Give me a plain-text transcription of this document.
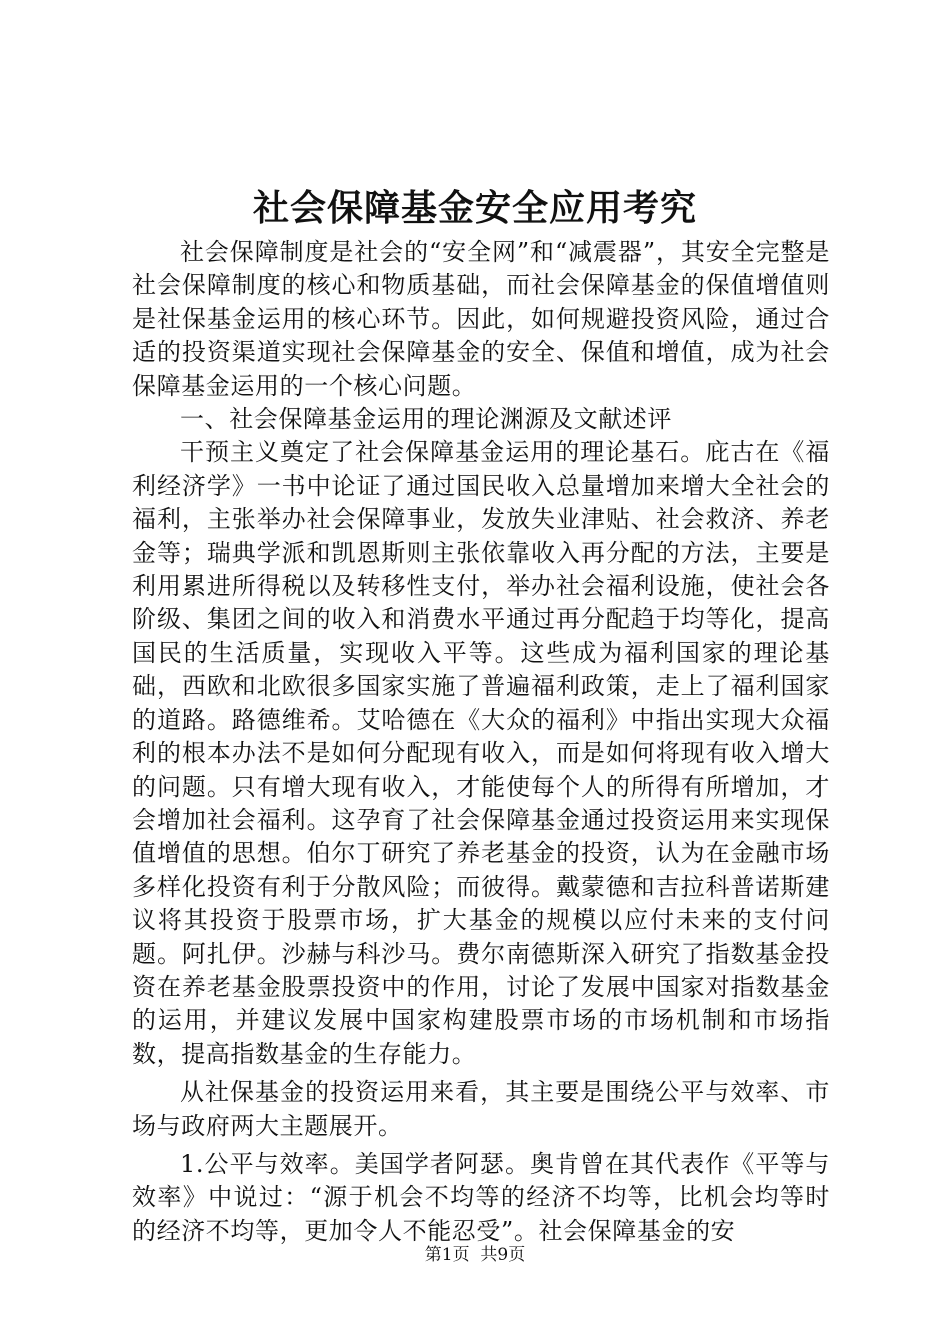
社会保障基金安全应用考究

社会保障制度是社会的“安全网”和“减震器”，其安全完整是社会保障制度的核心和物质基础，而社会保障基金的保值增值则是社保基金运用的核心环节。因此，如何规避投资风险，通过合适的投资渠道实现社会保障基金的安全、保值和增值，成为社会保障基金运用的一个核心问题。

一、社会保障基金运用的理论渊源及文献述评

干预主义奠定了社会保障基金运用的理论基石。庇古在《福利经济学》一书中论证了通过国民收入总量增加来增大全社会的福利，主张举办社会保障事业，发放失业津贴、社会救济、养老金等；瑞典学派和凯恩斯则主张依靠收入再分配的方法，主要是利用累进所得税以及转移性支付，举办社会福利设施，使社会各阶级、集团之间的收入和消费水平通过再分配趋于均等化，提高国民的生活质量，实现收入平等。这些成为福利国家的理论基础，西欧和北欧很多国家实施了普遍福利政策，走上了福利国家的道路。路德维希。艾哈德在《大众的福利》中指出实现大众福利的根本办法不是如何分配现有收入，而是如何将现有收入增大的问题。只有增大现有收入，才能使每个人的所得有所增加，才会增加社会福利。这孕育了社会保障基金通过投资运用来实现保值增值的思想。伯尔丁研究了养老基金的投资，认为在金融市场多样化投资有利于分散风险；而彼得。戴蒙德和吉拉科普诺斯建议将其投资于股票市场，扩大基金的规模以应付未来的支付问题。阿扎伊。沙赫与科沙马。费尔南德斯深入研究了指数基金投资在养老基金股票投资中的作用，讨论了发展中国家对指数基金的运用，并建议发展中国家构建股票市场的市场机制和市场指数，提高指数基金的生存能力。

从社保基金的投资运用来看，其主要是围绕公平与效率、市场与政府两大主题展开。

1.公平与效率。美国学者阿瑟。奥肯曾在其代表作《平等与效率》中说过：“源于机会不均等的经济不均等，比机会均等时的经济不均等，更加令人不能忍受”。社会保障基金的安

第1页  共9页
